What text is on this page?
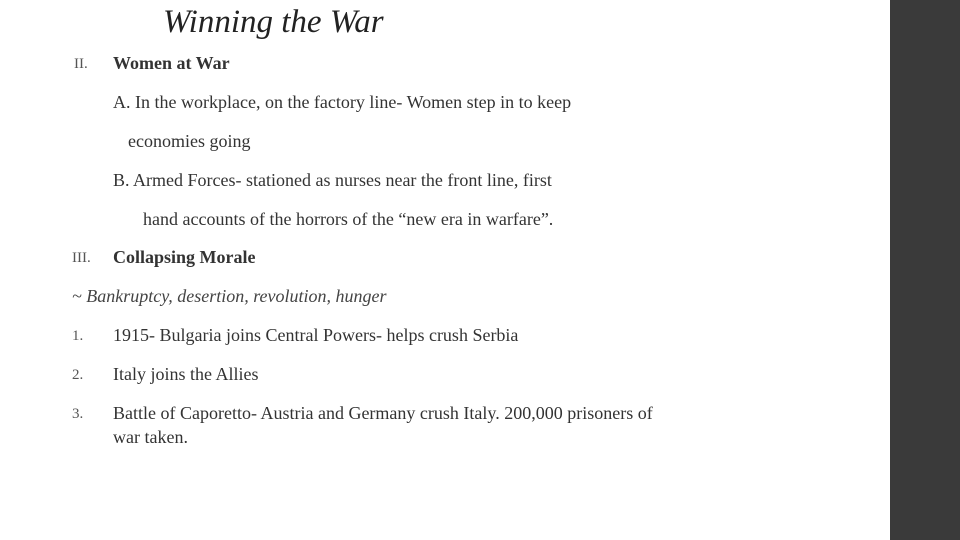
Winning the War
II. Women at War
A. In the workplace, on the factory line- Women step in to keep
economies going
B. Armed Forces- stationed as nurses near the front line, first
hand accounts of the horrors of the “new era in warfare”.
III. Collapsing Morale
~ Bankruptcy, desertion, revolution, hunger
1. 1915- Bulgaria joins Central Powers- helps crush Serbia
2. Italy joins the Allies
3. Battle of Caporetto- Austria and Germany crush Italy. 200,000 prisoners of
war taken.
